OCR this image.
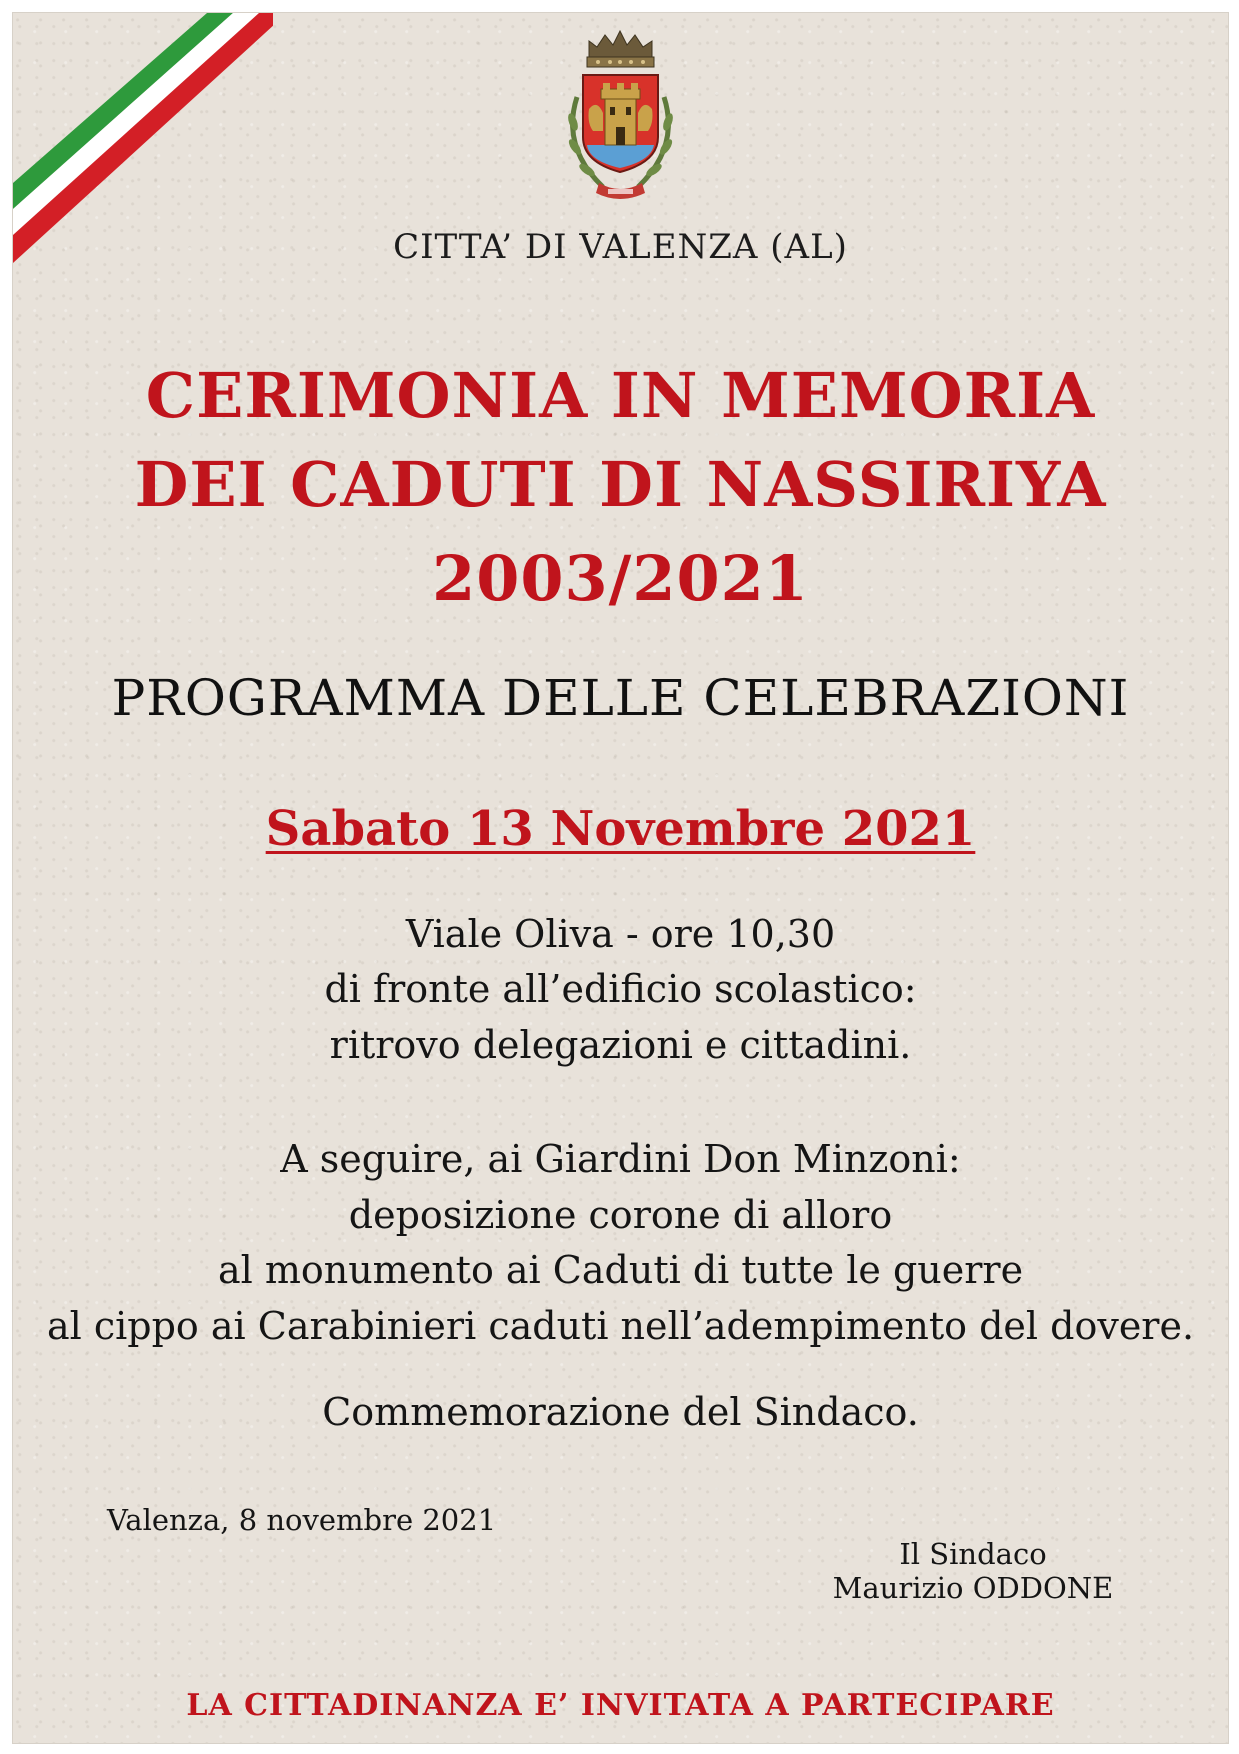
CITTA’ DI VALENZA (AL)

CERIMONIA IN MEMORIA

DEI CADUTI DI NASSIRIYA

2003/2021

PROGRAMMA DELLE CELEBRAZIONI

Sabato 13 Novembre 2021

Viale Oliva - ore 10,30

di fronte all’edificio scolastico:

ritrovo delegazioni e cittadini.

A seguire, ai Giardini Don Minzoni:

deposizione corone di alloro

al monumento ai Caduti di tutte le guerre

al cippo ai Carabinieri caduti nell’adempimento del dovere.

Commemorazione del Sindaco.

Valenza, 8 novembre 2021

Il Sindaco

Maurizio ODDONE

LA CITTADINANZA E’ INVITATA A PARTECIPARE
